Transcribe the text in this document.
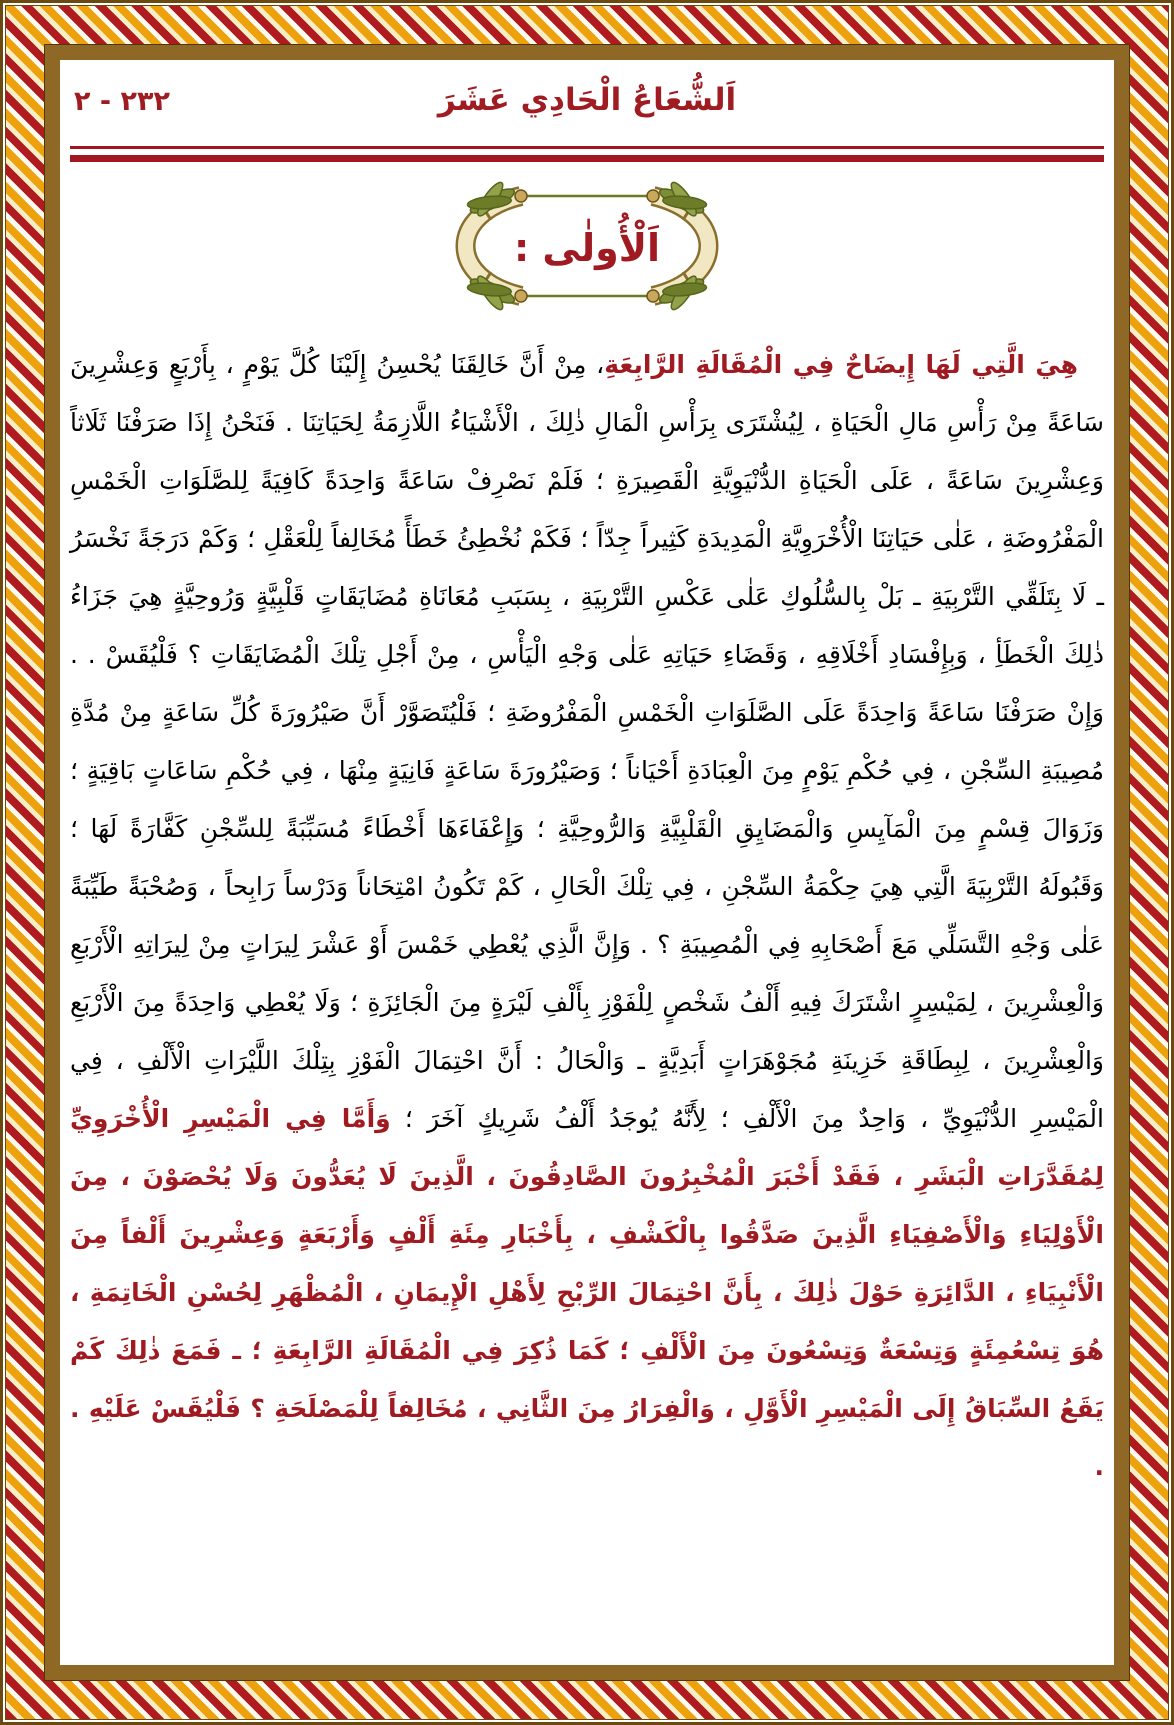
اَلشُّعَاعُ الْحَادِي عَشَرَ
٢٣٢ - ٢
اَلْأُولٰى :

هِيَ الَّتِي لَهَا إِيضَاحٌ فِي الْمُقَالَةِ الرَّابِعَةِ، مِنْ أَنَّ خَالِقَنَا يُحْسِنُ إِلَيْنَا كُلَّ يَوْمٍ ، بِأَرْبَعٍ وَعِشْرِينَ سَاعَةً مِنْ رَأْسِ مَالِ الْحَيَاةِ ، لِيُشْتَرَى بِرَأْسِ الْمَالِ ذٰلِكَ ، الْأَشْيَاءُ اللَّازِمَةُ لِحَيَاتِنَا . فَنَحْنُ إِذَا صَرَفْنَا ثَلَاثاً وَعِشْرِينَ سَاعَةً ، عَلَى الْحَيَاةِ الدُّنْيَوِيَّةِ الْقَصِيرَةِ ؛ فَلَمْ نَصْرِفْ سَاعَةً وَاحِدَةً كَافِيَةً لِلصَّلَوَاتِ الْخَمْسِ الْمَفْرُوضَةِ ، عَلٰى حَيَاتِنَا الْأُخْرَوِيَّةِ الْمَدِيدَةِ كَثِيراً جِدّاً ؛ فَكَمْ نُخْطِئُ خَطَأً مُخَالِفاً لِلْعَقْلِ ؛ وَكَمْ دَرَجَةً نَخْسَرُ ـ لَا بِتَلَقِّي التَّرْبِيَةِ ـ بَلْ بِالسُّلُوكِ عَلٰى عَكْسِ التَّرْبِيَةِ ، بِسَبَبِ مُعَانَاةِ مُضَايَقَاتٍ قَلْبِيَّةٍ وَرُوحِيَّةٍ هِيَ جَزَاءُ ذٰلِكَ الْخَطَأِ ، وَبِإِفْسَادِ أَخْلَاقِهِ ، وَقَضَاءِ حَيَاتِهِ عَلٰى وَجْهِ الْيَأْسِ ، مِنْ أَجْلِ تِلْكَ الْمُضَايَقَاتِ ؟ فَلْيُقَسْ . . وَإِنْ صَرَفْنَا سَاعَةً وَاحِدَةً عَلَى الصَّلَوَاتِ الْخَمْسِ الْمَفْرُوضَةِ ؛ فَلْيُتَصَوَّرْ أَنَّ صَيْرُورَةَ كُلِّ سَاعَةٍ مِنْ مُدَّةِ مُصِيبَةِ السِّجْنِ ، فِي حُكْمِ يَوْمٍ مِنَ الْعِبَادَةِ أَحْيَاناً ؛ وَصَيْرُورَةَ سَاعَةٍ فَانِيَةٍ مِنْهَا ، فِي حُكْمِ سَاعَاتٍ بَاقِيَةٍ ؛ وَزَوَالَ قِسْمٍ مِنَ الْمَآيِسِ وَالْمَضَايِقِ الْقَلْبِيَّةِ وَالرُّوحِيَّةِ ؛ وَإِعْفَاءَهَا أَخْطَاءً مُسَبِّبَةً لِلسِّجْنِ كَفَّارَةً لَهَا ؛ وَقَبُولَهُ التَّرْبِيَةَ الَّتِي هِيَ حِكْمَةُ السِّجْنِ ، فِي تِلْكَ الْحَالِ ، كَمْ تَكُونُ امْتِحَاناً وَدَرْساً رَابِحاً ، وَصُحْبَةً طَيِّبَةً عَلٰى وَجْهِ التَّسَلِّي مَعَ أَصْحَابِهِ فِي الْمُصِيبَةِ ؟ . وَإِنَّ الَّذِي يُعْطِي خَمْسَ أَوْ عَشْرَ لِيرَاتٍ مِنْ لِيرَاتِهِ الْأَرْبَعِ وَالْعِشْرِينَ ، لِمَيْسِرٍ اشْتَرَكَ فِيهِ أَلْفُ شَخْصٍ لِلْفَوْزِ بِأَلْفِ لَيْرَةٍ مِنَ الْجَائِزَةِ ؛ وَلَا يُعْطِي وَاحِدَةً مِنَ الْأَرْبَعِ وَالْعِشْرِينَ ، لِبِطَاقَةِ خَزِينَةِ مُجَوْهَرَاتٍ أَبَدِيَّةٍ ـ وَالْحَالُ : أَنَّ احْتِمَالَ الْفَوْزِ بِتِلْكَ اللَّيْرَاتِ الْأَلْفِ ، فِي الْمَيْسِرِ الدُّنْيَوِيِّ ، وَاحِدٌ مِنَ الْأَلْفِ ؛ لِأَنَّهُ يُوجَدُ أَلْفُ شَرِيكٍ آخَرَ ؛ وَأَمَّا فِي الْمَيْسِرِ الْأُخْرَوِيِّ لِمُقَدَّرَاتِ الْبَشَرِ ، فَقَدْ أَخْبَرَ الْمُخْبِرُونَ الصَّادِقُونَ ، الَّذِينَ لَا يُعَدُّونَ وَلَا يُحْصَوْنَ ، مِنَ الْأَوْلِيَاءِ وَالْأَصْفِيَاءِ الَّذِينَ صَدَّقُوا بِالْكَشْفِ ، بِأَخْبَارِ مِئَةِ أَلْفٍ وَأَرْبَعَةٍ وَعِشْرِينَ أَلْفاً مِنَ الْأَنْبِيَاءِ ، الدَّائِرَةِ حَوْلَ ذٰلِكَ ، بِأَنَّ احْتِمَالَ الرِّبْحِ لِأَهْلِ الْإِيمَانِ ، الْمُظْهَرِ لِحُسْنِ الْخَاتِمَةِ ، هُوَ تِسْعُمِئَةٍ وَتِسْعَةٌ وَتِسْعُونَ مِنَ الْأَلْفِ ؛ كَمَا ذُكِرَ فِي الْمُقَالَةِ الرَّابِعَةِ ؛ ـ فَمَعَ ذٰلِكَ كَمْ يَقَعُ السِّبَاقُ إِلَى الْمَيْسِرِ الْأَوَّلِ ، وَالْفِرَارُ مِنَ الثَّانِي ، مُخَالِفاً لِلْمَصْلَحَةِ ؟ فَلْيُقَسْ عَلَيْهِ . .
